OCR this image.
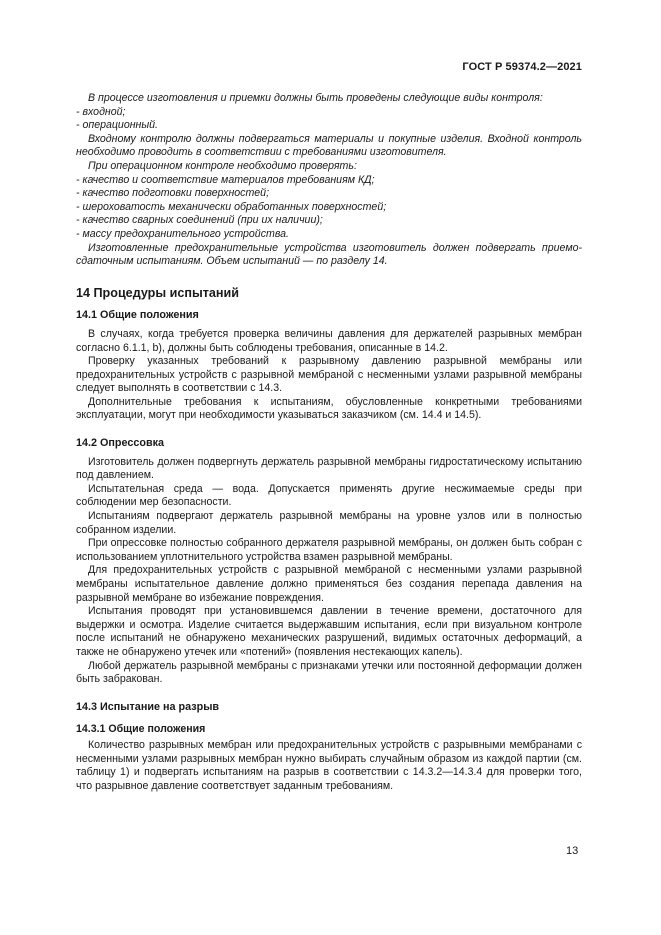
ГОСТ Р 59374.2—2021

В процессе изготовления и приемки должны быть проведены следующие виды контроля:

- входной;

- операционный.

Входному контролю должны подвергаться материалы и покупные изделия. Входной контроль необходимо проводить в соответствии с требованиями изготовителя.

При операционном контроле необходимо проверять:

- качество и соответствие материалов требованиям КД;

- качество подготовки поверхностей;

- шероховатость механически обработанных поверхностей;

- качество сварных соединений (при их наличии);

- массу предохранительного устройства.

Изготовленные предохранительные устройства изготовитель должен подвергать приемо-сдаточным испытаниям. Объем испытаний — по разделу 14.

14 Процедуры испытаний
14.1 Общие положения

В случаях, когда требуется проверка величины давления для держателей разрывных мембран согласно 6.1.1, b), должны быть соблюдены требования, описанные в 14.2.

Проверку указанных требований к разрывному давлению разрывной мембраны или предохранительных устройств с разрывной мембраной с несменными узлами разрывной мембраны следует выполнять в соответствии с 14.3.

Дополнительные требования к испытаниям, обусловленные конкретными требованиями эксплуатации, могут при необходимости указываться заказчиком (см. 14.4 и 14.5).

14.2 Опрессовка

Изготовитель должен подвергнуть держатель разрывной мембраны гидростатическому испытанию под давлением.

Испытательная среда — вода. Допускается применять другие несжимаемые среды при соблюдении мер безопасности.

Испытаниям подвергают держатель разрывной мембраны на уровне узлов или в полностью собранном изделии.

При опрессовке полностью собранного держателя разрывной мембраны, он должен быть собран с использованием уплотнительного устройства взамен разрывной мембраны.

Для предохранительных устройств с разрывной мембраной с несменными узлами разрывной мембраны испытательное давление должно применяться без создания перепада давления на разрывной мембране во избежание повреждения.

Испытания проводят при установившемся давлении в течение времени, достаточного для выдержки и осмотра. Изделие считается выдержавшим испытания, если при визуальном контроле после испытаний не обнаружено механических разрушений, видимых остаточных деформаций, а также не обнаружено утечек или «потений» (появления нестекающих капель).

Любой держатель разрывной мембраны с признаками утечки или постоянной деформации должен быть забракован.

14.3 Испытание на разрыв
14.3.1 Общие положения

Количество разрывных мембран или предохранительных устройств с разрывными мембранами с несменными узлами разрывных мембран нужно выбирать случайным образом из каждой партии (см. таблицу 1) и подвергать испытаниям на разрыв в соответствии с 14.3.2—14.3.4 для проверки того, что разрывное давление соответствует заданным требованиям.

13
